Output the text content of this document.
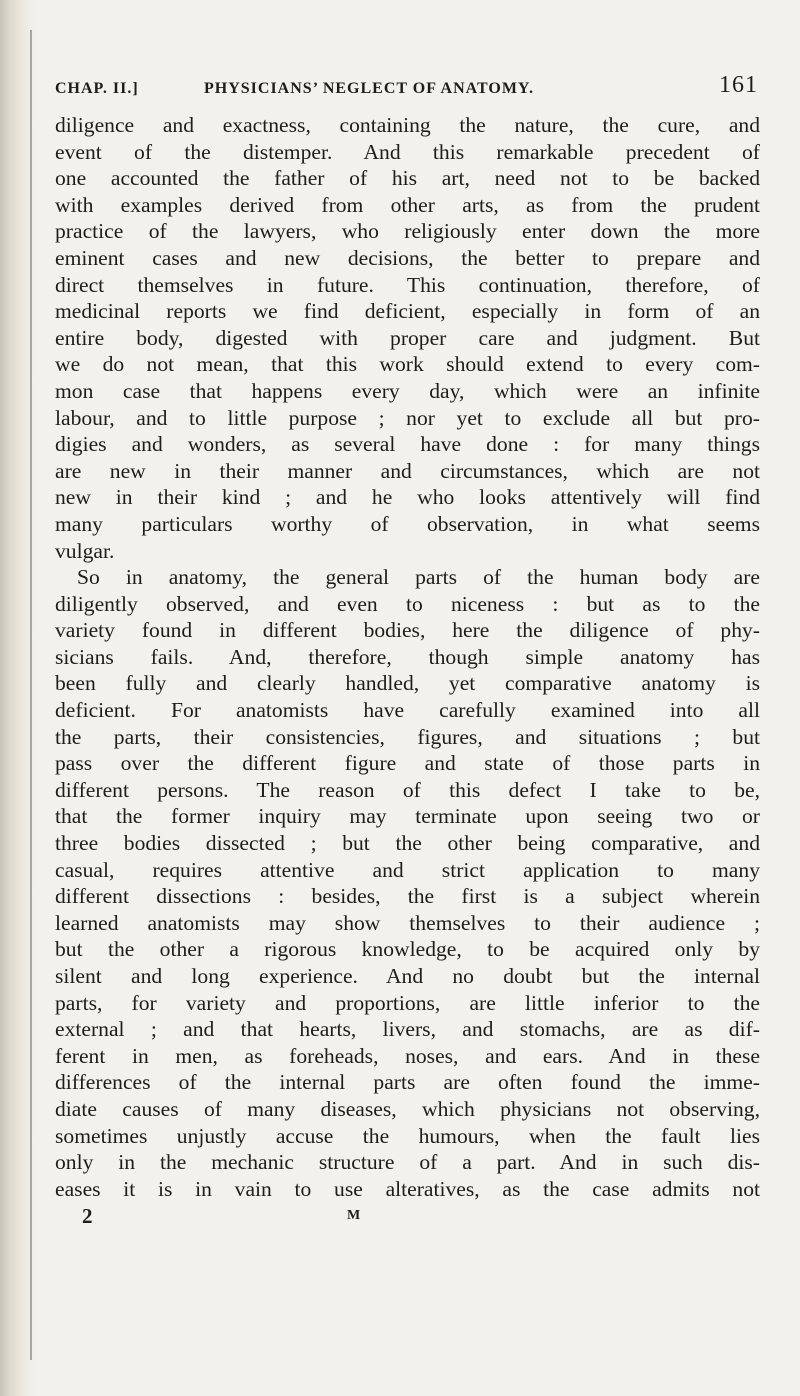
CHAP. II.]	PHYSICIANS’ NEGLECT OF ANATOMY.	161
diligence and exactness, containing the nature, the cure, and
event of the distemper. And this remarkable precedent of
one accounted the father of his art, need not to be backed
with examples derived from other arts, as from the prudent
practice of the lawyers, who religiously enter down the more
eminent cases and new decisions, the better to prepare and
direct themselves in future. This continuation, therefore, of
medicinal reports we find deficient, especially in form of an
entire body, digested with proper care and judgment. But
we do not mean, that this work should extend to every com-
mon case that happens every day, which were an infinite
labour, and to little purpose ; nor yet to exclude all but pro-
digies and wonders, as several have done : for many things
are new in their manner and circumstances, which are not
new in their kind ; and he who looks attentively will find
many particulars worthy of observation, in what seems
vulgar.
So in anatomy, the general parts of the human body are
diligently observed, and even to niceness : but as to the
variety found in different bodies, here the diligence of phy-
sicians fails. And, therefore, though simple anatomy has
been fully and clearly handled, yet comparative anatomy is
deficient. For anatomists have carefully examined into all
the parts, their consistencies, figures, and situations ; but
pass over the different figure and state of those parts in
different persons. The reason of this defect I take to be,
that the former inquiry may terminate upon seeing two or
three bodies dissected ; but the other being comparative, and
casual, requires attentive and strict application to many
different dissections : besides, the first is a subject wherein
learned anatomists may show themselves to their audience ;
but the other a rigorous knowledge, to be acquired only by
silent and long experience. And no doubt but the internal
parts, for variety and proportions, are little inferior to the
external ; and that hearts, livers, and stomachs, are as dif-
ferent in men, as foreheads, noses, and ears. And in these
differences of the internal parts are often found the imme-
diate causes of many diseases, which physicians not observing,
sometimes unjustly accuse the humours, when the fault lies
only in the mechanic structure of a part. And in such dis-
eases it is in vain to use alteratives, as the case admits not
2	M
